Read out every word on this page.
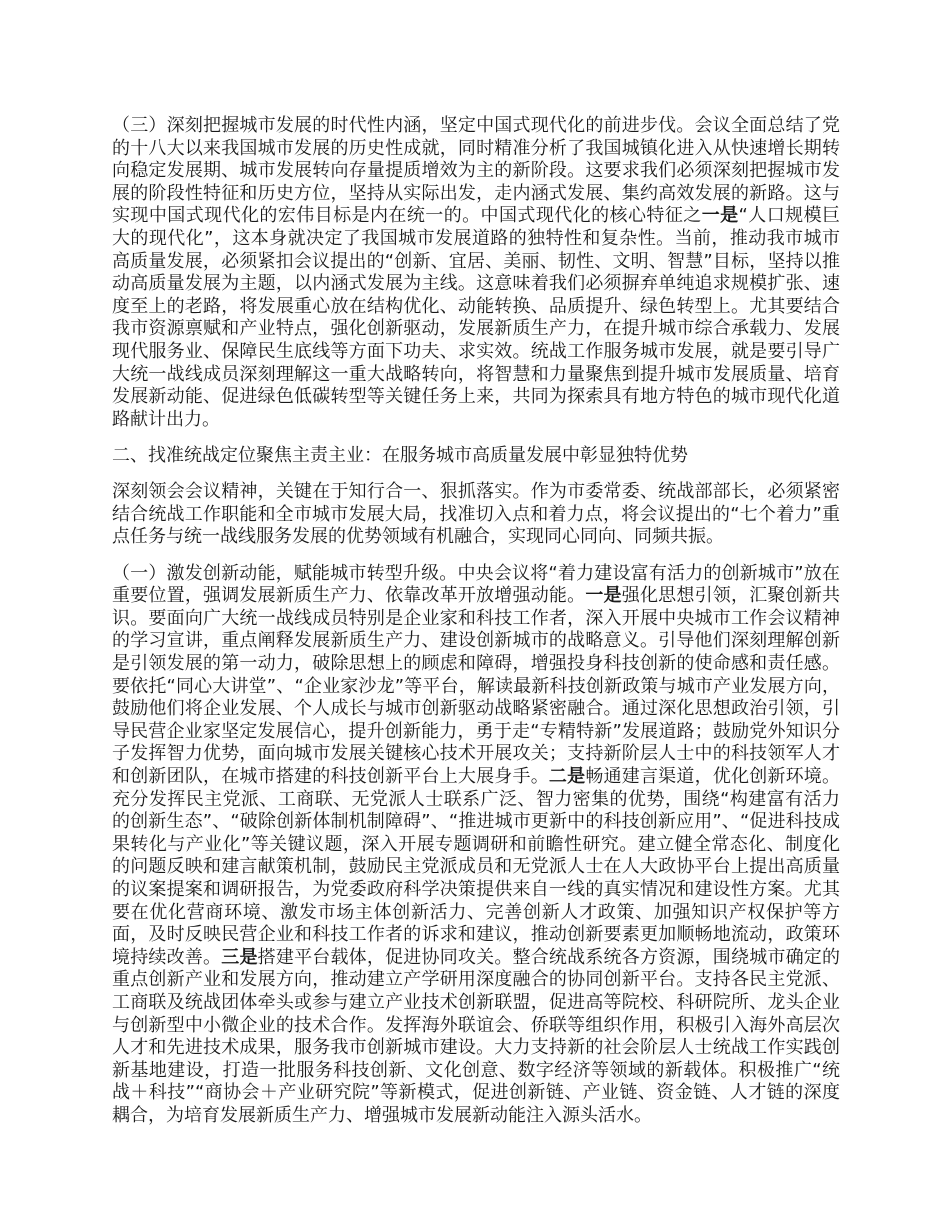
（三）深刻把握城市发展的时代性内涵，坚定中国式现代化的前进步伐。会议全面总结了党的十八大以来我国城市发展的历史性成就，同时精准分析了我国城镇化进入从快速增长期转向稳定发展期、城市发展转向存量提质增效为主的新阶段。这要求我们必须深刻把握城市发展的阶段性特征和历史方位，坚持从实际出发，走内涵式发展、集约高效发展的新路。这与实现中国式现代化的宏伟目标是内在统一的。中国式现代化的核心特征之一是“人口规模巨大的现代化”，这本身就决定了我国城市发展道路的独特性和复杂性。当前，推动我市城市高质量发展，必须紧扣会议提出的“创新、宜居、美丽、韧性、文明、智慧”目标，坚持以推动高质量发展为主题，以内涵式发展为主线。这意味着我们必须摒弃单纯追求规模扩张、速度至上的老路，将发展重心放在结构优化、动能转换、品质提升、绿色转型上。尤其要结合我市资源禀赋和产业特点，强化创新驱动，发展新质生产力，在提升城市综合承载力、发展现代服务业、保障民生底线等方面下功夫、求实效。统战工作服务城市发展，就是要引导广大统一战线成员深刻理解这一重大战略转向，将智慧和力量聚焦到提升城市发展质量、培育发展新动能、促进绿色低碳转型等关键任务上来，共同为探索具有地方特色的城市现代化道路献计出力。

二、找准统战定位聚焦主责主业：在服务城市高质量发展中彰显独特优势

深刻领会会议精神，关键在于知行合一、狠抓落实。作为市委常委、统战部部长，必须紧密结合统战工作职能和全市城市发展大局，找准切入点和着力点，将会议提出的“七个着力”重点任务与统一战线服务发展的优势领域有机融合，实现同心同向、同频共振。

（一）激发创新动能，赋能城市转型升级。中央会议将“着力建设富有活力的创新城市”放在重要位置，强调发展新质生产力、依靠改革开放增强动能。一是强化思想引领，汇聚创新共识。要面向广大统一战线成员特别是企业家和科技工作者，深入开展中央城市工作会议精神的学习宣讲，重点阐释发展新质生产力、建设创新城市的战略意义。引导他们深刻理解创新是引领发展的第一动力，破除思想上的顾虑和障碍，增强投身科技创新的使命感和责任感。要依托“同心大讲堂”、“企业家沙龙”等平台，解读最新科技创新政策与城市产业发展方向，鼓励他们将企业发展、个人成长与城市创新驱动战略紧密融合。通过深化思想政治引领，引导民营企业家坚定发展信心，提升创新能力，勇于走“专精特新”发展道路；鼓励党外知识分子发挥智力优势，面向城市发展关键核心技术开展攻关；支持新阶层人士中的科技领军人才和创新团队，在城市搭建的科技创新平台上大展身手。二是畅通建言渠道，优化创新环境。充分发挥民主党派、工商联、无党派人士联系广泛、智力密集的优势，围绕“构建富有活力的创新生态”、“破除创新体制机制障碍”、“推进城市更新中的科技创新应用”、“促进科技成果转化与产业化”等关键议题，深入开展专题调研和前瞻性研究。建立健全常态化、制度化的问题反映和建言献策机制，鼓励民主党派成员和无党派人士在人大政协平台上提出高质量的议案提案和调研报告，为党委政府科学决策提供来自一线的真实情况和建设性方案。尤其要在优化营商环境、激发市场主体创新活力、完善创新人才政策、加强知识产权保护等方面，及时反映民营企业和科技工作者的诉求和建议，推动创新要素更加顺畅地流动，政策环境持续改善。三是搭建平台载体，促进协同攻关。整合统战系统各方资源，围绕城市确定的重点创新产业和发展方向，推动建立产学研用深度融合的协同创新平台。支持各民主党派、工商联及统战团体牵头或参与建立产业技术创新联盟，促进高等院校、科研院所、龙头企业与创新型中小微企业的技术合作。发挥海外联谊会、侨联等组织作用，积极引入海外高层次人才和先进技术成果，服务我市创新城市建设。大力支持新的社会阶层人士统战工作实践创新基地建设，打造一批服务科技创新、文化创意、数字经济等领域的新载体。积极推广“统战＋科技”“商协会＋产业研究院”等新模式，促进创新链、产业链、资金链、人才链的深度耦合，为培育发展新质生产力、增强城市发展新动能注入源头活水。
